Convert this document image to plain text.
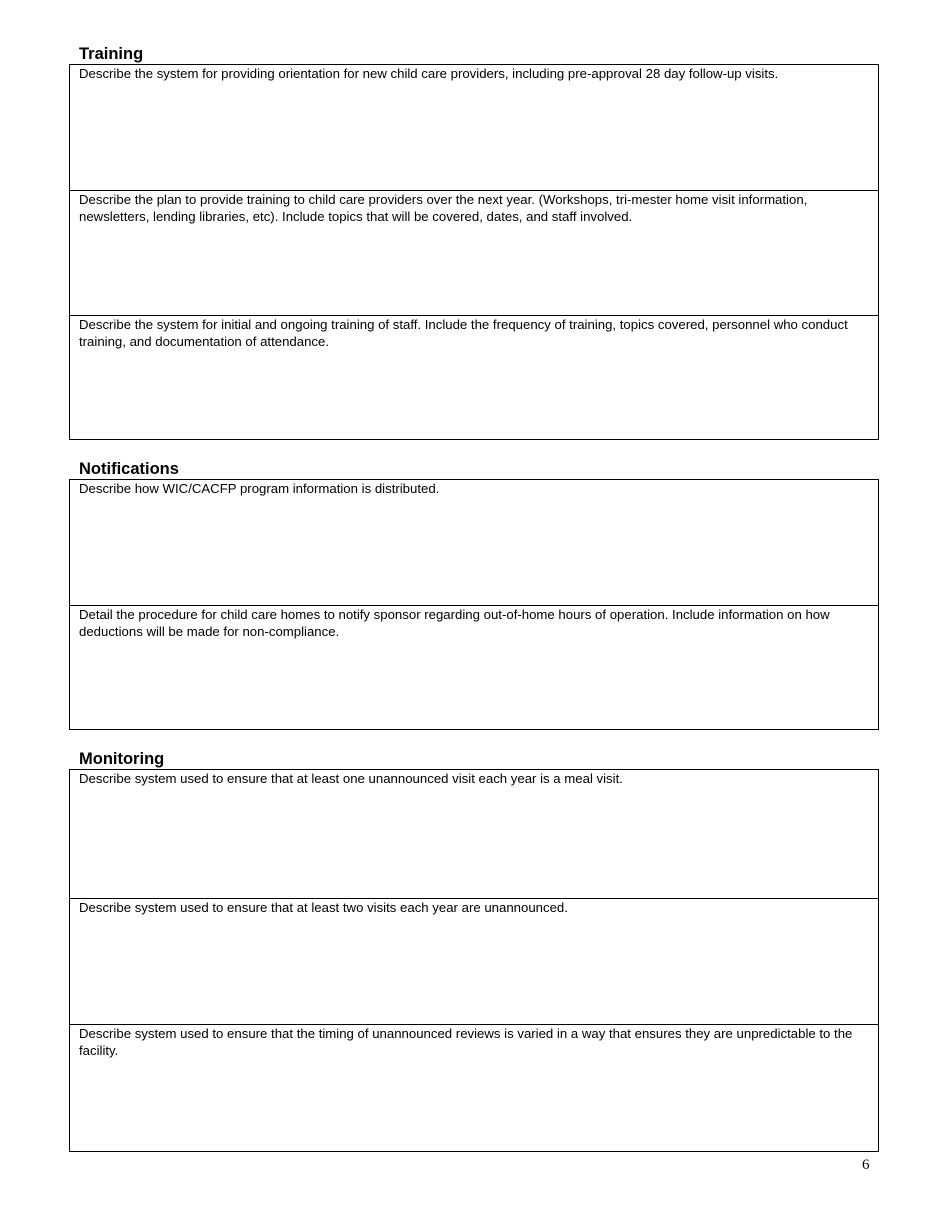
Training

Describe the system for providing orientation for new child care providers, including pre-approval 28 day follow-up visits.

Describe the plan to provide training to child care providers over the next year. (Workshops, tri-mester home visit information, newsletters, lending libraries, etc). Include topics that will be covered, dates, and staff involved.

Describe the system for initial and ongoing training of staff. Include the frequency of training, topics covered, personnel who conduct training, and documentation of attendance.

Notifications

Describe how WIC/CACFP program information is distributed.

Detail the procedure for child care homes to notify sponsor regarding out-of-home hours of operation. Include information on how deductions will be made for non-compliance.

Monitoring

Describe system used to ensure that at least one unannounced visit each year is a meal visit.

Describe system used to ensure that at least two visits each year are unannounced.

Describe system used to ensure that the timing of unannounced reviews is varied in a way that ensures they are unpredictable to the facility.

6
